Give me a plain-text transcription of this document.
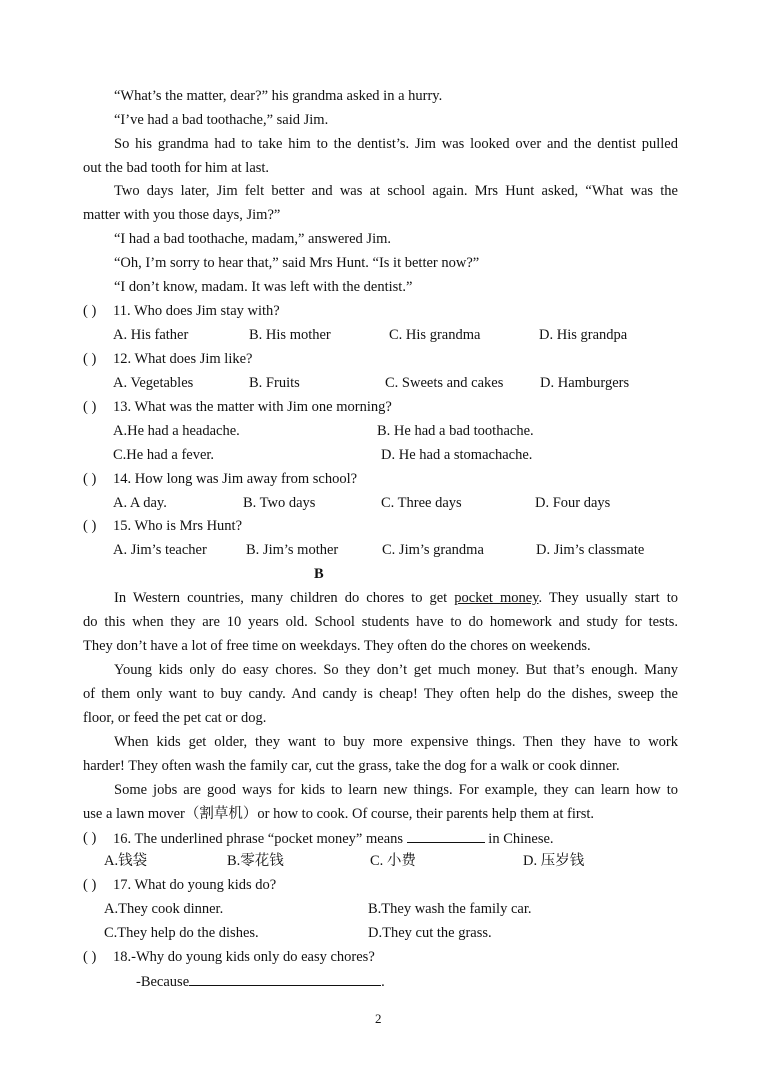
“What’s the matter, dear?” his grandma asked in a hurry.
“I’ve had a bad toothache,” said Jim.
So his grandma had to take him to the dentist’s. Jim was looked over and the dentist pulled
out the bad tooth for him at last.
Two days later, Jim felt better and was at school again. Mrs Hunt asked, “What was the
matter with you those days, Jim?”
“I had a bad toothache, madam,” answered Jim.
“Oh, I’m sorry to hear that,” said Mrs Hunt. “Is it better now?”
“I don’t know, madam. It was left with the dentist.”
( ) 11. Who does Jim stay with?
A. His father	B. His mother	C. His grandma	D. His grandpa
( ) 12. What does Jim like?
A. Vegetables	B. Fruits	C. Sweets and cakes	D. Hamburgers
( ) 13. What was the matter with Jim one morning?
A.He had a headache.	B. He had a bad toothache.
C.He had a fever.	D. He had a stomachache.
( ) 14. How long was Jim away from school?
A. A day.	B. Two days	C. Three days	D. Four days
( ) 15. Who is Mrs Hunt?
A. Jim’s teacher	B. Jim’s mother	C. Jim’s grandma	D. Jim’s classmate
B
In Western countries, many children do chores to get pocket money. They usually start to
do this when they are 10 years old. School students have to do homework and study for tests.
They don’t have a lot of free time on weekdays. They often do the chores on weekends.
Young kids only do easy chores. So they don’t get much money. But that’s enough. Many
of them only want to buy candy. And candy is cheap! They often help do the dishes, sweep the
floor, or feed the pet cat or dog.
When kids get older, they want to buy more expensive things. Then they have to work
harder! They often wash the family car, cut the grass, take the dog for a walk or cook dinner.
Some jobs are good ways for kids to learn new things. For example, they can learn how to
use a lawn mover（割草机）or how to cook. Of course, their parents help them at first.
( ) 16. The underlined phrase “pocket money” means	in Chinese.
A.钱袋	B.零花钱	C. 小费	D. 压岁钱
( ) 17. What do young kids do?
A.They cook dinner.	B.They wash the family car.
C.They help do the dishes.	D.They cut the grass.
( ) 18.-Why do young kids only do easy chores?
-Because	.
2
